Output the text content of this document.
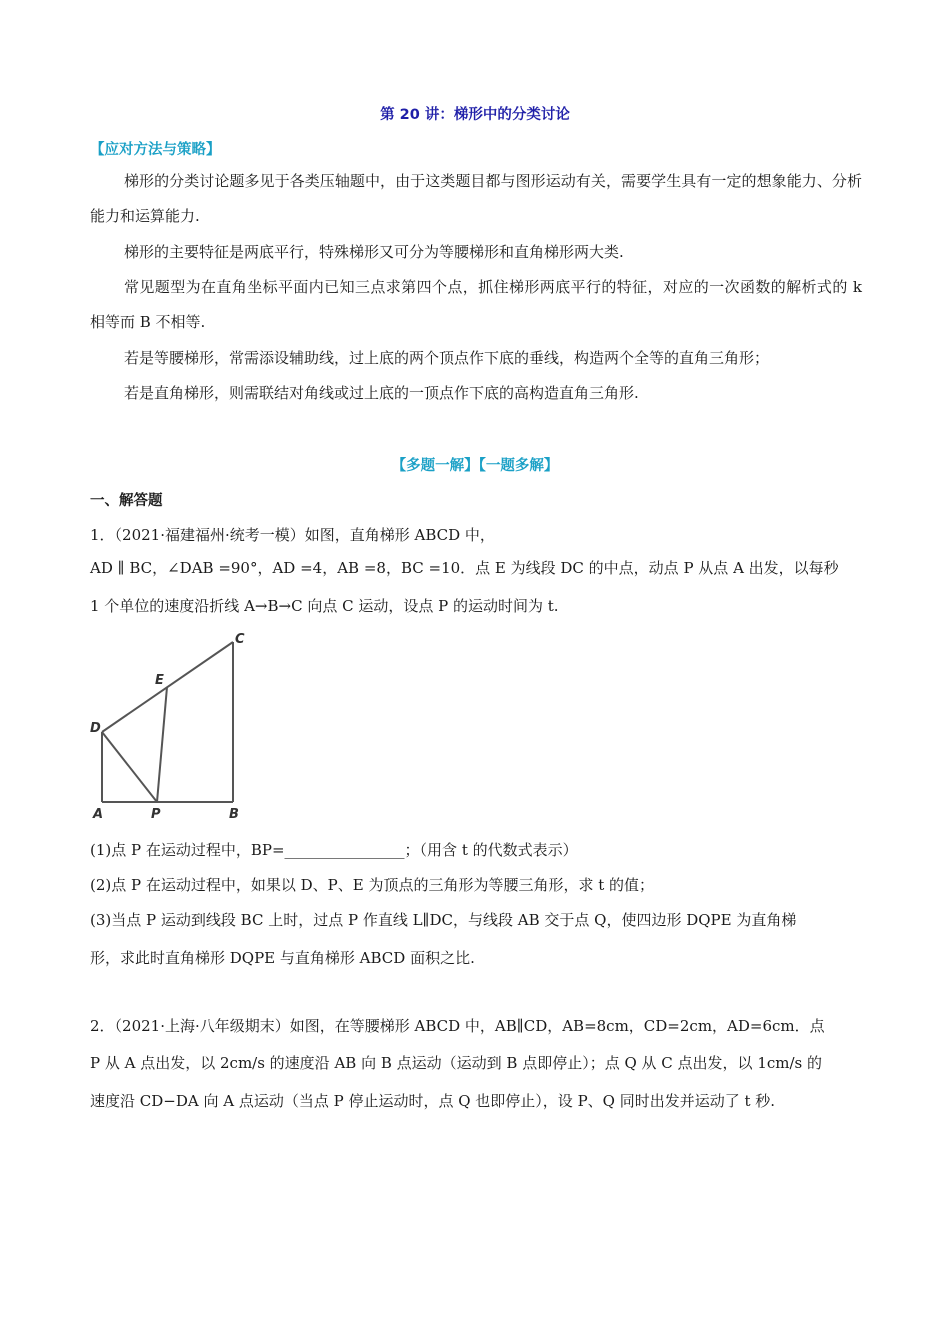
第 20 讲：梯形中的分类讨论
【应对方法与策略】
梯形的分类讨论题多见于各类压轴题中，由于这类题目都与图形运动有关，需要学生具有一定的想象能力、分析能力和运算能力.
梯形的主要特征是两底平行，特殊梯形又可分为等腰梯形和直角梯形两大类.
常见题型为在直角坐标平面内已知三点求第四个点，抓住梯形两底平行的特征，对应的一次函数的解析式的 k 相等而 B 不相等.
若是等腰梯形，常需添设辅助线，过上底的两个顶点作下底的垂线，构造两个全等的直角三角形；
若是直角梯形，则需联结对角线或过上底的一顶点作下底的高构造直角三角形.
【多题一解】【一题多解】
一、解答题
1．（2021·福建福州·统考一模）如图，直角梯形 ABCD 中，
AD ∥ BC，∠DAB =90°，AD =4，AB =8，BC =10．点 E 为线段 DC 的中点，动点 P 从点 A 出发，以每秒
1 个单位的速度沿折线 A→B→C 向点 C 运动，设点 P 的运动时间为 t.
C
E
D
A	P	B
(1)点 P 在运动过程中，BP=________________；（用含 t 的代数式表示）
(2)点 P 在运动过程中，如果以 D、P、E 为顶点的三角形为等腰三角形，求 t 的值；
(3)当点 P 运动到线段 BC 上时，过点 P 作直线 L∥DC，与线段 AB 交于点 Q，使四边形 DQPE 为直角梯
形，求此时直角梯形 DQPE 与直角梯形 ABCD 面积之比.
2．（2021·上海·八年级期末）如图，在等腰梯形 ABCD 中，AB∥CD，AB=8cm，CD=2cm，AD=6cm．点
P 从 A 点出发，以 2cm/s 的速度沿 AB 向 B 点运动（运动到 B 点即停止）；点 Q 从 C 点出发，以 1cm/s 的
速度沿 CD−DA 向 A 点运动（当点 P 停止运动时，点 Q 也即停止），设 P、Q 同时出发并运动了 t 秒.
